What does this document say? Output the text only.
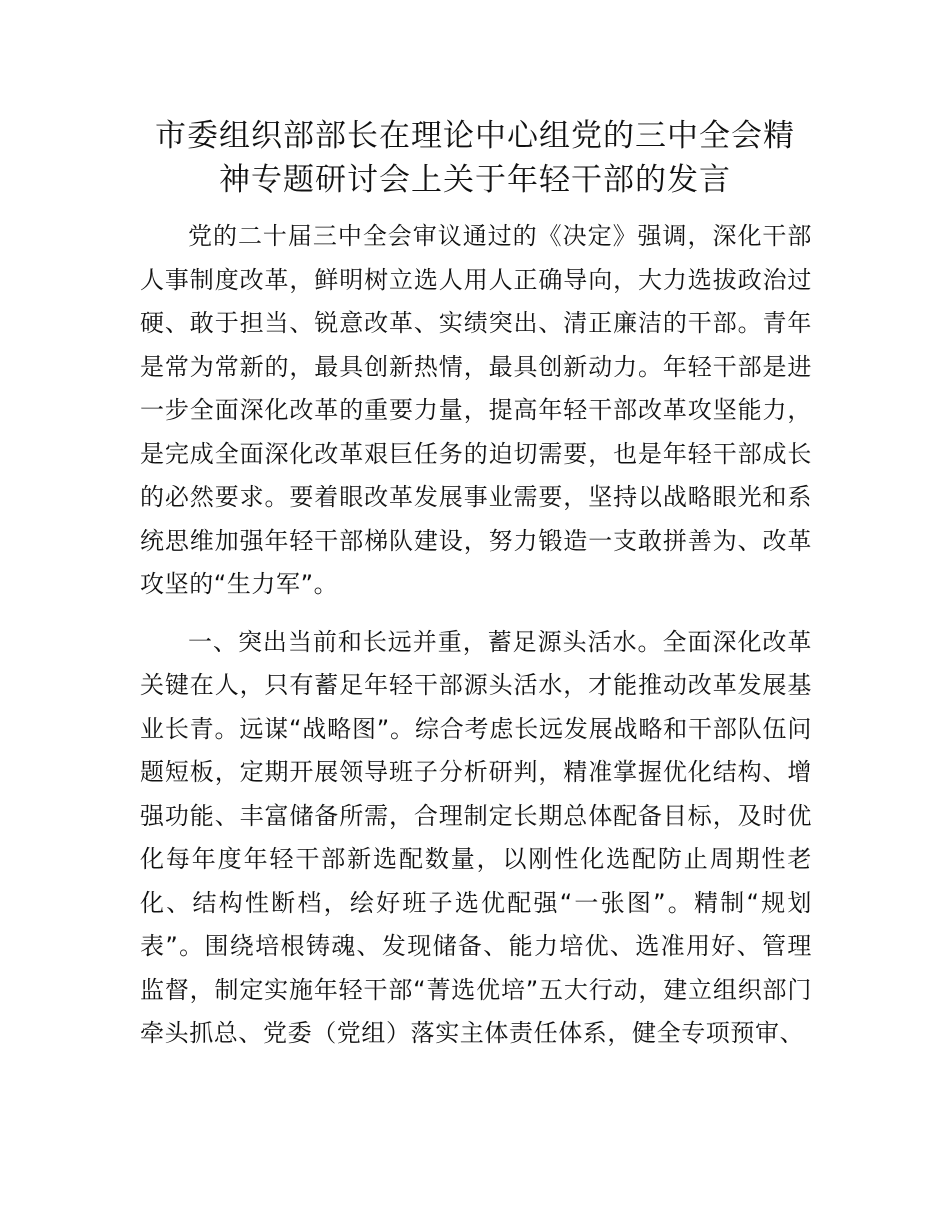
市委组织部部长在理论中心组党的三中全会精神专题研讨会上关于年轻干部的发言

党的二十届三中全会审议通过的《决定》强调，深化干部人事制度改革，鲜明树立选人用人正确导向，大力选拔政治过硬、敢于担当、锐意改革、实绩突出、清正廉洁的干部。青年是常为常新的，最具创新热情，最具创新动力。年轻干部是进一步全面深化改革的重要力量，提高年轻干部改革攻坚能力，是完成全面深化改革艰巨任务的迫切需要，也是年轻干部成长的必然要求。要着眼改革发展事业需要，坚持以战略眼光和系统思维加强年轻干部梯队建设，努力锻造一支敢拼善为、改革攻坚的“生力军”。

一、突出当前和长远并重，蓄足源头活水。全面深化改革关键在人，只有蓄足年轻干部源头活水，才能推动改革发展基业长青。远谋“战略图”。综合考虑长远发展战略和干部队伍问题短板，定期开展领导班子分析研判，精准掌握优化结构、增强功能、丰富储备所需，合理制定长期总体配备目标，及时优化每年度年轻干部新选配数量，以刚性化选配防止周期性老化、结构性断档，绘好班子选优配强“一张图”。精制“规划表”。围绕培根铸魂、发现储备、能力培优、选准用好、管理监督，制定实施年轻干部“菁选优培”五大行动，建立组织部门牵头抓总、党委（党组）落实主体责任体系，健全专项预审、
